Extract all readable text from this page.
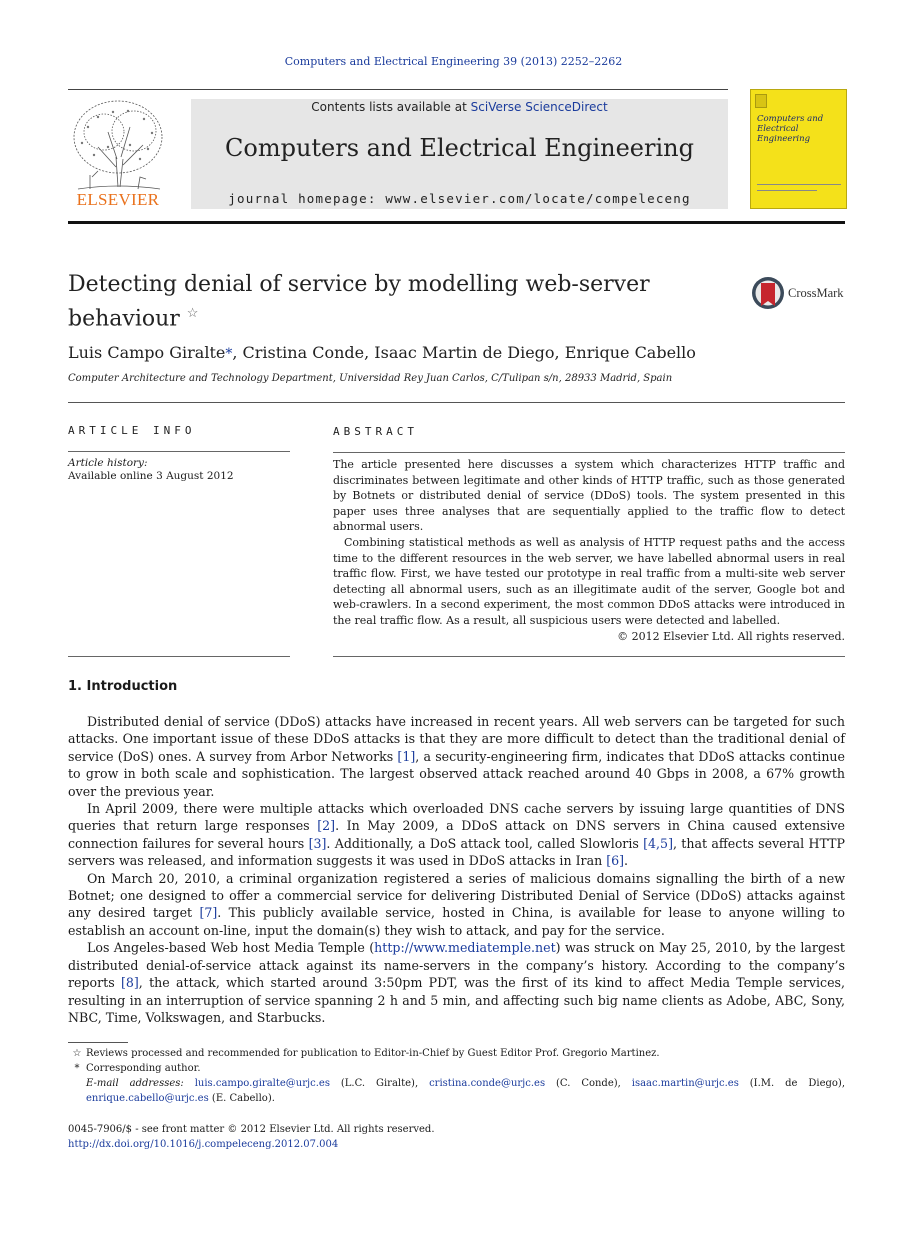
Computers and Electrical Engineering 39 (2013) 2252–2262
ELSEVIER
Contents lists available at SciVerse ScienceDirect
Computers and Electrical Engineering
journal homepage: www.elsevier.com/locate/compeleceng
Computers and Electrical Engineering
Detecting denial of service by modelling web-server
behaviour ☆
CrossMark
Luis Campo Giralte*, Cristina Conde, Isaac Martin de Diego, Enrique Cabello
Computer Architecture and Technology Department, Universidad Rey Juan Carlos, C/Tulipan s/n, 28933 Madrid, Spain
ARTICLE INFO	ABSTRACT
Article history:
Available online 3 August 2012

The article presented here discusses a system which characterizes HTTP traffic and discriminates between legitimate and other kinds of HTTP traffic, such as those generated by Botnets or distributed denial of service (DDoS) tools. The system presented in this paper uses three analyses that are sequentially applied to the traffic flow to detect abnormal users.

Combining statistical methods as well as analysis of HTTP request paths and the access time to the different resources in the web server, we have labelled abnormal users in real traffic flow. First, we have tested our prototype in real traffic from a multi-site web server detecting all abnormal users, such as an illegitimate audit of the server, Google bot and web-crawlers. In a second experiment, the most common DDoS attacks were introduced in the real traffic flow. As a result, all suspicious users were detected and labelled.

© 2012 Elsevier Ltd. All rights reserved.

1. Introduction

Distributed denial of service (DDoS) attacks have increased in recent years. All web servers can be targeted for such attacks. One important issue of these DDoS attacks is that they are more difficult to detect than the traditional denial of service (DoS) ones. A survey from Arbor Networks [1], a security-engineering firm, indicates that DDoS attacks continue to grow in both scale and sophistication. The largest observed attack reached around 40 Gbps in 2008, a 67% growth over the previous year.

In April 2009, there were multiple attacks which overloaded DNS cache servers by issuing large quantities of DNS queries that return large responses [2]. In May 2009, a DDoS attack on DNS servers in China caused extensive connection failures for several hours [3]. Additionally, a DoS attack tool, called Slowloris [4,5], that affects several HTTP servers was released, and information suggests it was used in DDoS attacks in Iran [6].

On March 20, 2010, a criminal organization registered a series of malicious domains signalling the birth of a new Botnet; one designed to offer a commercial service for delivering Distributed Denial of Service (DDoS) attacks against any desired target [7]. This publicly available service, hosted in China, is available for lease to anyone willing to establish an account on-line, input the domain(s) they wish to attack, and pay for the service.

Los Angeles-based Web host Media Temple (http://www.mediatemple.net) was struck on May 25, 2010, by the largest distributed denial-of-service attack against its name-servers in the company’s history. According to the company’s reports [8], the attack, which started around 3:50pm PDT, was the first of its kind to affect Media Temple services, resulting in an interruption of service spanning 2 h and 5 min, and affecting such big name clients as Adobe, ABC, Sony, NBC, Time, Volkswagen, and Starbucks.

☆ Reviews processed and recommended for publication to Editor-in-Chief by Guest Editor Prof. Gregorio Martinez.

* Corresponding author.

E-mail addresses: luis.campo.giralte@urjc.es (L.C. Giralte), cristina.conde@urjc.es (C. Conde), isaac.martin@urjc.es (I.M. de Diego), enrique.cabello@urjc.es (E. Cabello).

0045-7906/$ - see front matter © 2012 Elsevier Ltd. All rights reserved.
http://dx.doi.org/10.1016/j.compeleceng.2012.07.004
